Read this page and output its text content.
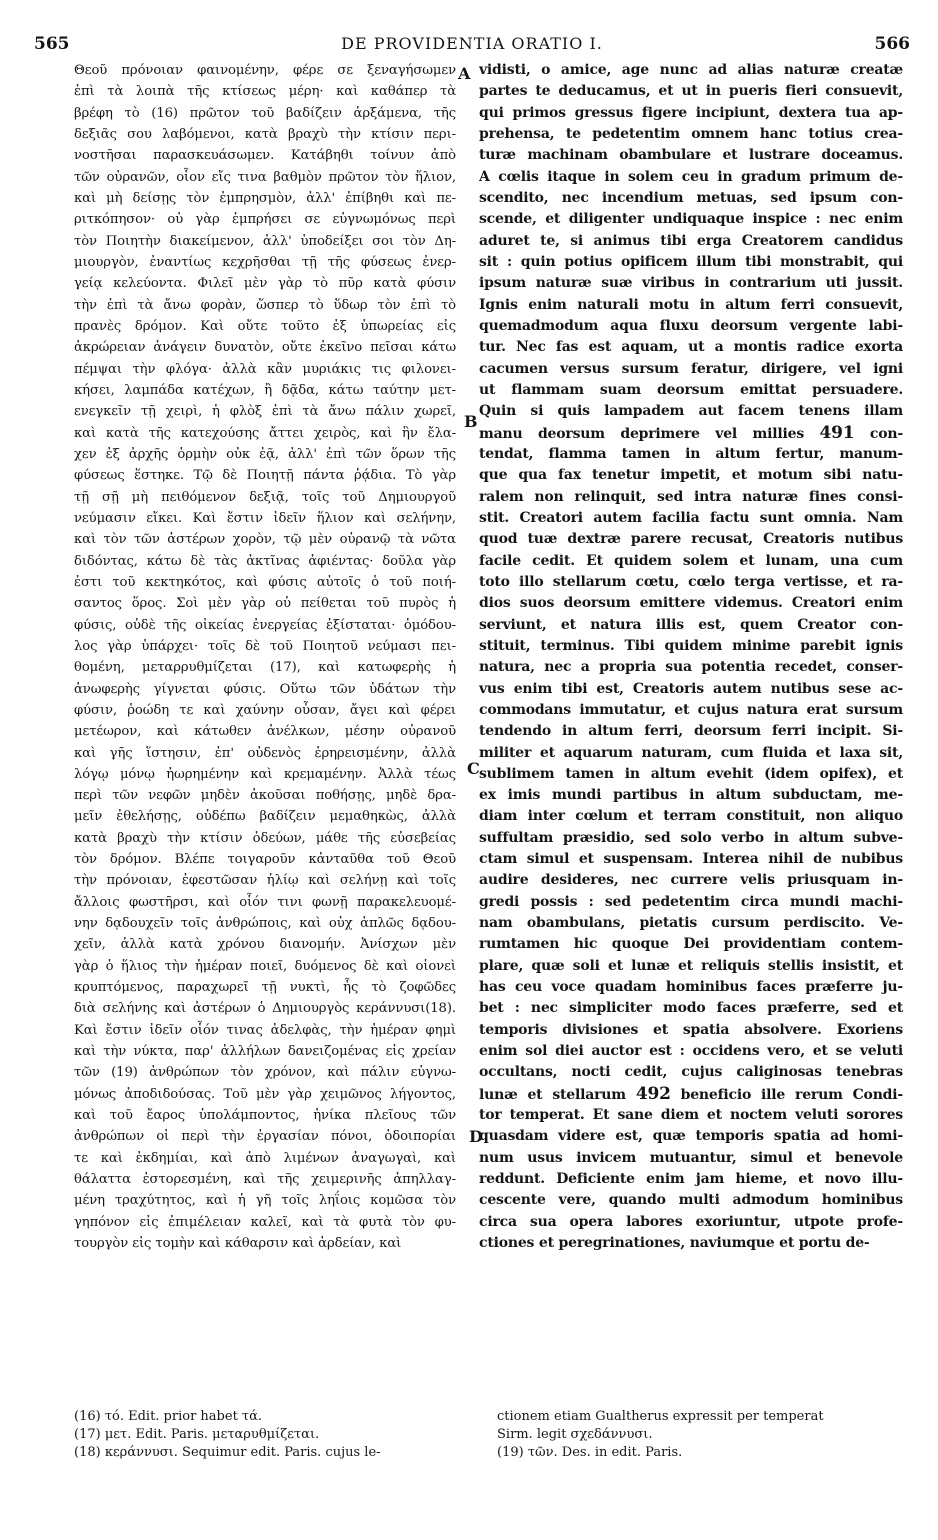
565	DE PROVIDENTIA ORATIO I.	566
Θεοῦ πρόνοιαν φαινομένην, φέρε σε ξεναγήσωμεν
ἐπὶ τὰ λοιπὰ τῆς κτίσεως μέρη· καὶ καθάπερ τὰ
βρέφη τὸ (16) πρῶτον τοῦ βαδίζειν ἀρξάμενα, τῆς
δεξιᾶς σου λαβόμενοι, κατὰ βραχὺ τὴν κτίσιν περι-
νοστῆσαι παρασκευάσωμεν. Κατάβηθι τοίνυν ἀπὸ
τῶν οὐρανῶν, οἷον εἴς τινα βαθμὸν πρῶτον τὸν ἥλιον,
καὶ μὴ δείσῃς τὸν ἐμπρησμὸν, ἀλλ' ἐπίβηθι καὶ πε-
ριτκόπησον· οὐ γὰρ ἐμπρήσει σε εὐγνωμόνως περὶ
τὸν Ποιητὴν διακείμενον, ἀλλ' ὑποδείξει σοι τὸν Δη-
μιουργὸν, ἐναντίως κεχρῆσθαι τῇ τῆς φύσεως ἐνερ-
γείᾳ κελεύοντα. Φιλεῖ μὲν γὰρ τὸ πῦρ κατὰ φύσιν
τὴν ἐπὶ τὰ ἄνω φορὰν, ὥσπερ τὸ ὕδωρ τὸν ἐπὶ τὸ
πρανὲς δρόμον. Καὶ οὔτε τοῦτο ἐξ ὑπωρείας εἰς
ἀκρώρειαν ἀνάγειν δυνατὸν, οὔτε ἐκεῖνο πεῖσαι κάτω
πέμψαι τὴν φλόγα· ἀλλὰ κἂν μυριάκις τις φιλονει-
κήσει, λαμπάδα κατέχων, ἢ δᾷδα, κάτω ταύτην μετ-
ενεγκεῖν τῇ χειρὶ, ἡ φλὸξ ἐπὶ τὰ ἄνω πάλιν χωρεῖ,
καὶ κατὰ τῆς κατεχούσης ἄττει χειρὸς, καὶ ἣν ἔλα-
χεν ἐξ ἀρχῆς ὁρμὴν οὐκ ἐᾷ, ἀλλ' ἐπὶ τῶν ὅρων τῆς
φύσεως ἕστηκε. Τῷ δὲ Ποιητῇ πάντα ῥᾴδια. Τὸ γὰρ
τῇ σῇ μὴ πειθόμενον δεξιᾷ, τοῖς τοῦ Δημιουργοῦ
νεύμασιν εἴκει. Καὶ ἔστιν ἰδεῖν ἥλιον καὶ σελήνην,
καὶ τὸν τῶν ἀστέρων χορὸν, τῷ μὲν οὐρανῷ τὰ νῶτα
διδόντας, κάτω δὲ τὰς ἀκτῖνας ἀφιέντας· δοῦλα γὰρ
ἐστι τοῦ κεκτηκότος, καὶ φύσις αὐτοῖς ὁ τοῦ ποιή-
σαντος ὅρος. Σοὶ μὲν γὰρ οὐ πείθεται τοῦ πυρὸς ἡ
φύσις, οὐδὲ τῆς οἰκείας ἐνεργείας ἐξίσταται· ὁμόδου-
λος γὰρ ὑπάρχει· τοῖς δὲ τοῦ Ποιητοῦ νεύμασι πει-
θομένη, μεταρρυθμίζεται (17), καὶ κατωφερὴς ἡ
ἀνωφερὴς γίγνεται φύσις. Οὕτω τῶν ὑδάτων τὴν
φύσιν, ῥοώδη τε καὶ χαύνην οὖσαν, ἄγει καὶ φέρει
μετέωρον, καὶ κάτωθεν ἀνέλκων, μέσην οὐρανοῦ
καὶ γῆς ἵστησιν, ἐπ' οὐδενὸς ἐρηρεισμένην, ἀλλὰ
λόγῳ μόνῳ ἠωρημένην καὶ κρεμαμένην. Ἀλλὰ τέως
περὶ τῶν νεφῶν μηδὲν ἀκοῦσαι ποθήσῃς, μηδὲ δρα-
μεῖν ἐθελήσῃς, οὐδέπω βαδίζειν μεμαθηκὼς, ἀλλὰ
κατὰ βραχὺ τὴν κτίσιν ὁδεύων, μάθε τῆς εὐσεβείας
τὸν δρόμον. Βλέπε τοιγαροῦν κἀνταῦθα τοῦ Θεοῦ
τὴν πρόνοιαν, ἐφεστῶσαν ἡλίῳ καὶ σελήνῃ καὶ τοῖς
ἄλλοις φωστῆρσι, καὶ οἷόν τινι φωνῇ παρακελευομέ-
νην δᾳδουχεῖν τοῖς ἀνθρώποις, καὶ οὐχ ἁπλῶς δᾳδου-
χεῖν, ἀλλὰ κατὰ χρόνου διανομήν. Ἀνίσχων μὲν
γὰρ ὁ ἥλιος τὴν ἡμέραν ποιεῖ, δυόμενος δὲ καὶ οἱονεὶ
κρυπτόμενος, παραχωρεῖ τῇ νυκτὶ, ἧς τὸ ζοφῶδες
διὰ σελήνης καὶ ἀστέρων ὁ Δημιουργὸς κεράννυσι(18).
Καὶ ἔστιν ἰδεῖν οἷόν τινας ἀδελφὰς, τὴν ἡμέραν φημὶ
καὶ τὴν νύκτα, παρ' ἀλλήλων δανειζομένας εἰς χρείαν
τῶν (19) ἀνθρώπων τὸν χρόνον, καὶ πάλιν εὐγνω-
μόνως ἀποδιδούσας. Τοῦ μὲν γὰρ χειμῶνος λήγοντος,
καὶ τοῦ ἔαρος ὑπολάμποντος, ἡνίκα πλεῖους τῶν
ἀνθρώπων οἱ περὶ τὴν ἐργασίαν πόνοι, ὁδοιπορίαι
τε καὶ ἐκδημίαι, καὶ ἀπὸ λιμένων ἀναγωγαὶ, καὶ
θάλαττα ἐστορεσμένη, καὶ τῆς χειμερινῆς ἀπηλλαγ-
μένη τραχύτητος, καὶ ἡ γῆ τοῖς ληΐοις κομῶσα τὸν
γηπόνον εἰς ἐπιμέλειαν καλεῖ, καὶ τὰ φυτὰ τὸν φυ-
τουργὸν εἰς τομὴν καὶ κάθαρσιν καὶ ἀρδείαν, καὶ
vidisti, o amice, age nunc ad alias naturæ creatæ
partes te deducamus, et ut in pueris fieri consuevit,
qui primos gressus figere incipiunt, dextera tua ap-
prehensa, te pedetentim omnem hanc totius crea-
turæ machinam obambulare et lustrare doceamus.
A cœlis itaque in solem ceu in gradum primum de-
scendito, nec incendium metuas, sed ipsum con-
scende, et diligenter undiquaque inspice : nec enim
aduret te, si animus tibi erga Creatorem candidus
sit : quin potius opificem illum tibi monstrabit, qui
ipsum naturæ suæ viribus in contrarium uti jussit.
Ignis enim naturali motu in altum ferri consuevit,
quemadmodum aqua fluxu deorsum vergente labi-
tur. Nec fas est aquam, ut a montis radice exorta
cacumen versus sursum feratur, dirigere, vel igni
ut flammam suam deorsum emittat persuadere.
Quin si quis lampadem aut facem tenens illam
manu deorsum deprimere vel millies 491 con-
tendat, flamma tamen in altum fertur, manum-
que qua fax tenetur impetit, et motum sibi natu-
ralem non relinquit, sed intra naturæ fines consi-
stit. Creatori autem facilia factu sunt omnia. Nam
quod tuæ dextræ parere recusat, Creatoris nutibus
facile cedit. Et quidem solem et lunam, una cum
toto illo stellarum cœtu, cœlo terga vertisse, et ra-
dios suos deorsum emittere videmus. Creatori enim
serviunt, et natura illis est, quem Creator con-
stituit, terminus. Tibi quidem minime parebit ignis
natura, nec a propria sua potentia recedet, conser-
vus enim tibi est, Creatoris autem nutibus sese ac-
commodans immutatur, et cujus natura erat sursum
tendendo in altum ferri, deorsum ferri incipit. Si-
militer et aquarum naturam, cum fluida et laxa sit,
sublimem tamen in altum evehit (idem opifex), et
ex imis mundi partibus in altum subductam, me-
diam inter cœlum et terram constituit, non aliquo
suffultam præsidio, sed solo verbo in altum subve-
ctam simul et suspensam. Interea nihil de nubibus
audire desideres, nec currere velis priusquam in-
gredi possis : sed pedetentim circa mundi machi-
nam obambulans, pietatis cursum perdiscito. Ve-
rumtamen hic quoque Dei providentiam contem-
plare, quæ soli et lunæ et reliquis stellis insistit, et
has ceu voce quadam hominibus faces præferre ju-
bet : nec simpliciter modo faces præferre, sed et
temporis divisiones et spatia absolvere. Exoriens
enim sol diei auctor est : occidens vero, et se veluti
occultans, nocti cedit, cujus caliginosas tenebras
lunæ et stellarum 492 beneficio ille rerum Condi-
tor temperat. Et sane diem et noctem veluti sorores
quasdam videre est, quæ temporis spatia ad homi-
num usus invicem mutuantur, simul et benevole
reddunt. Deficiente enim jam hieme, et novo illu-
cescente vere, quando multi admodum hominibus
circa sua opera labores exoriuntur, utpote profe-
ctiones et peregrinationes, naviumque et portu de-
A
B
C
D
(16) τό. Edit. prior habet τά.
(17) μετ. Edit. Paris. μεταρυθμίζεται.
(18) κεράννυσι. Sequimur edit. Paris. cujus le-
ctionem etiam Gualtherus expressit per temperat
Sirm. legit σχεδάννυσι.
(19) τῶν. Des. in edit. Paris.
